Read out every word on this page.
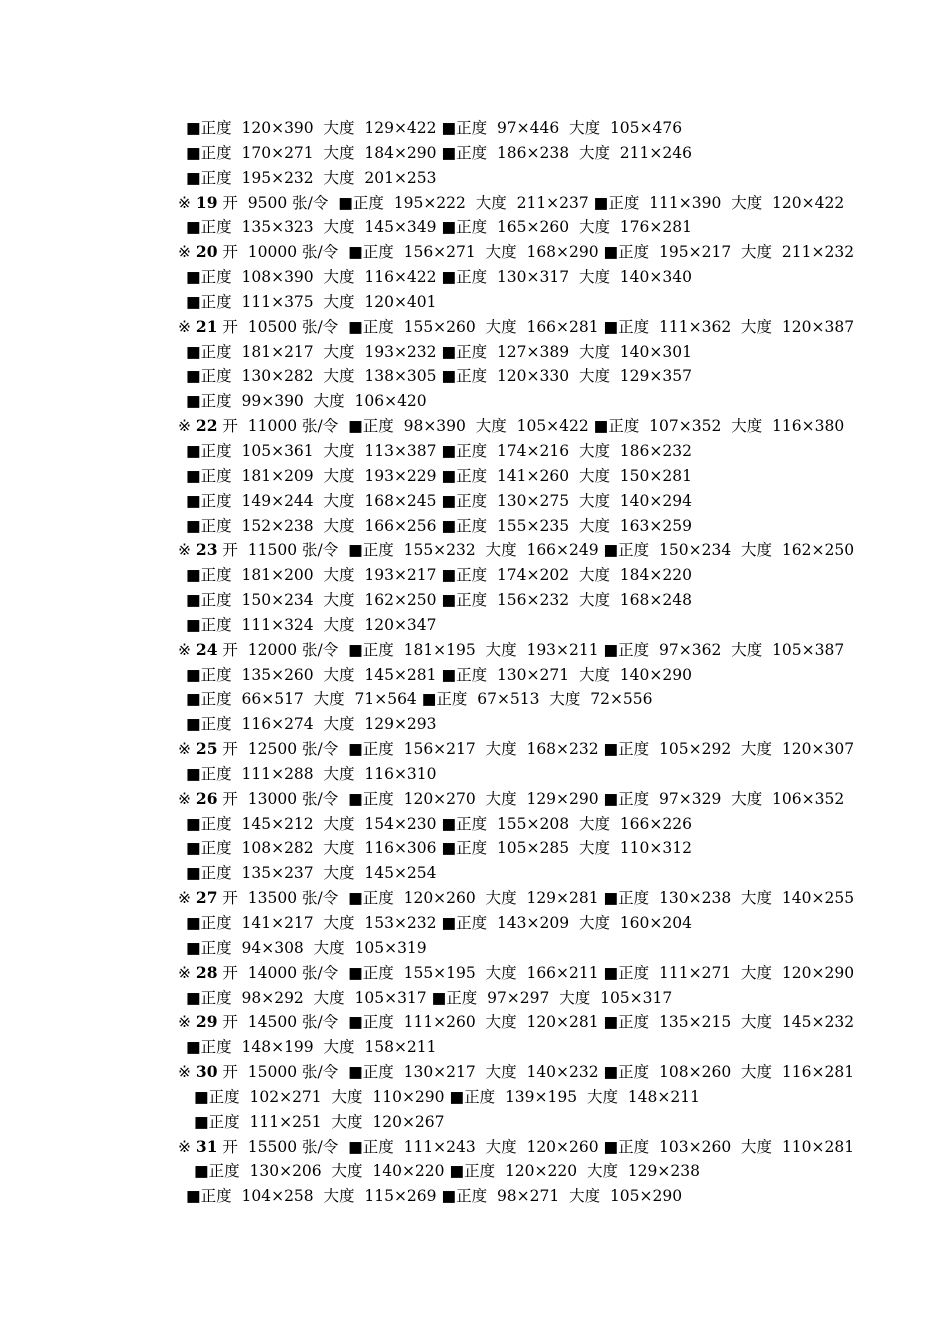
■正度  120×390  大度  129×422 ■正度  97×446  大度  105×476
■正度  170×271  大度  184×290 ■正度  186×238  大度  211×246
■正度  195×232  大度  201×253
※ 19 开  9500 张/令  ■正度  195×222  大度  211×237 ■正度  111×390  大度  120×422
■正度  135×323  大度  145×349 ■正度  165×260  大度  176×281
※ 20 开  10000 张/令  ■正度  156×271  大度  168×290 ■正度  195×217  大度  211×232
■正度  108×390  大度  116×422 ■正度  130×317  大度  140×340
■正度  111×375  大度  120×401
※ 21 开  10500 张/令  ■正度  155×260  大度  166×281 ■正度  111×362  大度  120×387
■正度  181×217  大度  193×232 ■正度  127×389  大度  140×301
■正度  130×282  大度  138×305 ■正度  120×330  大度  129×357
■正度  99×390  大度  106×420
※ 22 开  11000 张/令  ■正度  98×390  大度  105×422 ■正度  107×352  大度  116×380
■正度  105×361  大度  113×387 ■正度  174×216  大度  186×232
■正度  181×209  大度  193×229 ■正度  141×260  大度  150×281
■正度  149×244  大度  168×245 ■正度  130×275  大度  140×294
■正度  152×238  大度  166×256 ■正度  155×235  大度  163×259
※ 23 开  11500 张/令  ■正度  155×232  大度  166×249 ■正度  150×234  大度  162×250
■正度  181×200  大度  193×217 ■正度  174×202  大度  184×220
■正度  150×234  大度  162×250 ■正度  156×232  大度  168×248
■正度  111×324  大度  120×347
※ 24 开  12000 张/令  ■正度  181×195  大度  193×211 ■正度  97×362  大度  105×387
■正度  135×260  大度  145×281 ■正度  130×271  大度  140×290
■正度  66×517  大度  71×564 ■正度  67×513  大度  72×556
■正度  116×274  大度  129×293
※ 25 开  12500 张/令  ■正度  156×217  大度  168×232 ■正度  105×292  大度  120×307
■正度  111×288  大度  116×310
※ 26 开  13000 张/令  ■正度  120×270  大度  129×290 ■正度  97×329  大度  106×352
■正度  145×212  大度  154×230 ■正度  155×208  大度  166×226
■正度  108×282  大度  116×306 ■正度  105×285  大度  110×312
■正度  135×237  大度  145×254
※ 27 开  13500 张/令  ■正度  120×260  大度  129×281 ■正度  130×238  大度  140×255
■正度  141×217  大度  153×232 ■正度  143×209  大度  160×204
■正度  94×308  大度  105×319
※ 28 开  14000 张/令  ■正度  155×195  大度  166×211 ■正度  111×271  大度  120×290
■正度  98×292  大度  105×317 ■正度  97×297  大度  105×317
※ 29 开  14500 张/令  ■正度  111×260  大度  120×281 ■正度  135×215  大度  145×232
■正度  148×199  大度  158×211
※ 30 开  15000 张/令  ■正度  130×217  大度  140×232 ■正度  108×260  大度  116×281
■正度  102×271  大度  110×290 ■正度  139×195  大度  148×211
■正度  111×251  大度  120×267
※ 31 开  15500 张/令  ■正度  111×243  大度  120×260 ■正度  103×260  大度  110×281
■正度  130×206  大度  140×220 ■正度  120×220  大度  129×238
■正度  104×258  大度  115×269 ■正度  98×271  大度  105×290
